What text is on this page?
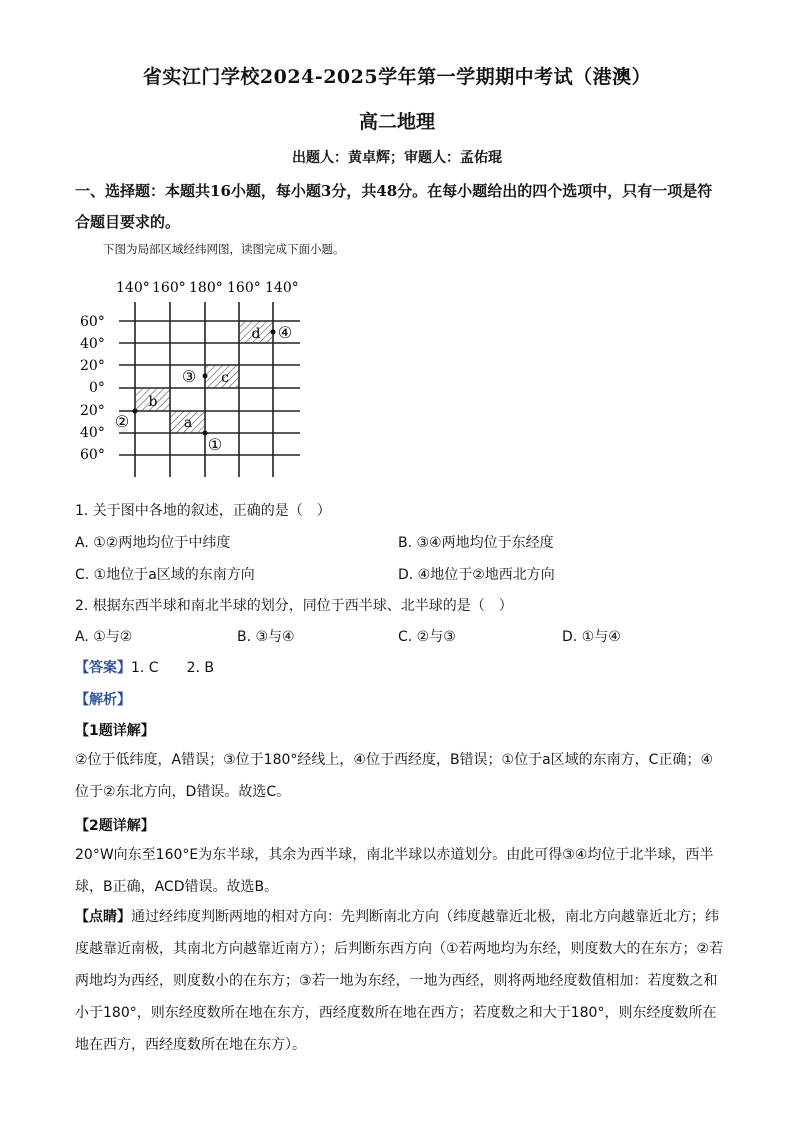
省实江门学校2024-2025学年第一学期期中考试（港澳）
高二地理
出题人：黄卓辉；审题人：孟佑琨
一、选择题：本题共16小题，每小题3分，共48分。在每小题给出的四个选项中，只有一项是符合题目要求的。
下图为局部区域经纬网图，读图完成下面小题。
140° 160° 180° 160° 140°
60°
40°
20°
0°
20°
40°
60°
d
c
b
a
①
②
③
④
1. 关于图中各地的叙述，正确的是（　）
A. ①②两地均位于中纬度	B. ③④两地均位于东经度
C. ①地位于a区域的东南方向	D. ④地位于②地西北方向
2. 根据东西半球和南北半球的划分，同位于西半球、北半球的是（　）
A. ①与②	B. ③与④	C. ②与③	D. ①与④
【答案】1. C　　2. B
【解析】
【1题详解】
②位于低纬度，A错误；③位于180°经线上，④位于西经度，B错误；①位于a区域的东南方，C正确；④位于②东北方向，D错误。故选C。
【2题详解】
20°W向东至160°E为东半球，其余为西半球，南北半球以赤道划分。由此可得③④均位于北半球，西半球，B正确，ACD错误。故选B。
【点睛】通过经纬度判断两地的相对方向：先判断南北方向（纬度越靠近北极，南北方向越靠近北方；纬度越靠近南极，其南北方向越靠近南方）；后判断东西方向（①若两地均为东经，则度数大的在东方；②若两地均为西经，则度数小的在东方；③若一地为东经，一地为西经，则将两地经度数值相加：若度数之和小于180°，则东经度数所在地在东方，西经度数所在地在西方；若度数之和大于180°，则东经度数所在地在西方，西经度数所在地在东方）。
